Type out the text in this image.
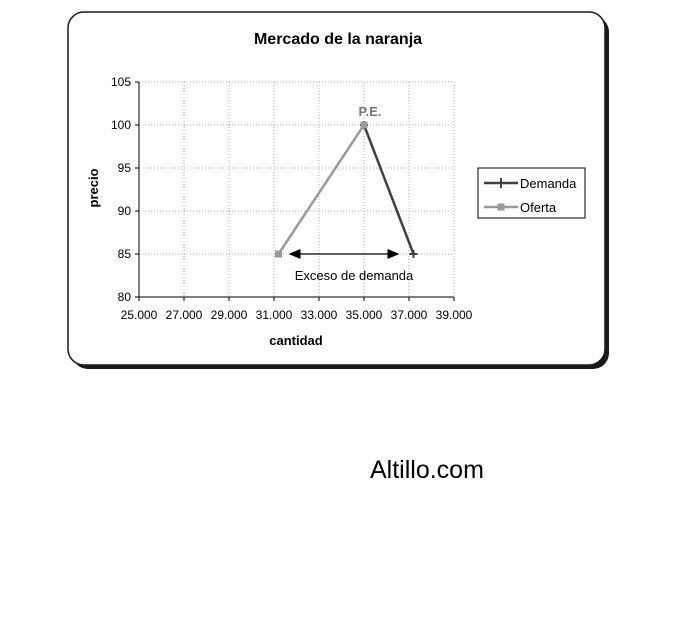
Mercado de la naranja
25.000 27.000 29.000 31.000 33.000 35.000 37.000 39.000
80
85
90
95
100
105
P.E.
Exceso de demanda
cantidad
precio	Demanda
Oferta
Altillo.com
